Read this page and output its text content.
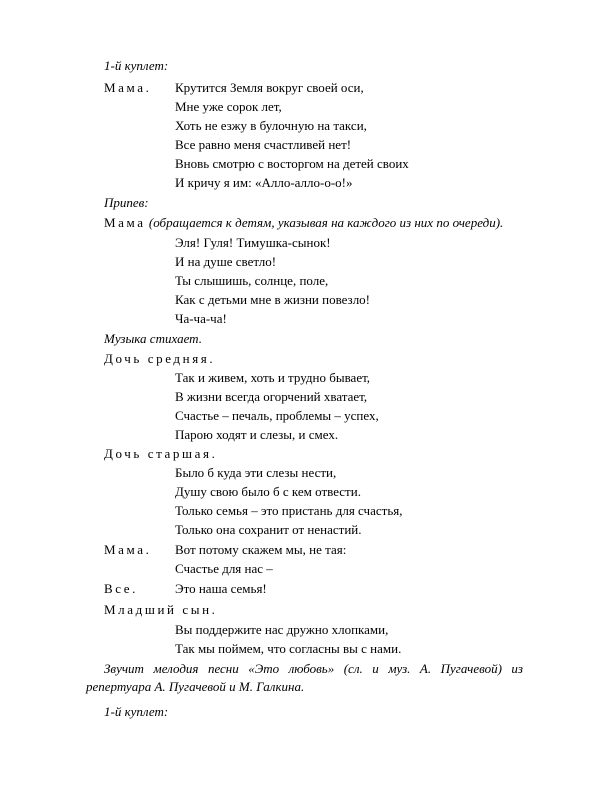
1-й куплет:
Мама. Крутится Земля вокруг своей оси,
Мне уже сорок лет,
Хоть не езжу в булочную на такси,
Все равно меня счастливей нет!
Вновь смотрю с восторгом на детей своих
И кричу я им: «Алло-алло-о-о!»
Припев:
Мама (обращается к детям, указывая на каждого из них по очереди).
Эля! Гуля! Тимушка-сынок!
И на душе светло!
Ты слышишь, солнце, поле,
Как с детьми мне в жизни повезло!
Ча-ча-ча!
Музыка стихает.
Дочь средняя.
Так и живем, хоть и трудно бывает,
В жизни всегда огорчений хватает,
Счастье – печаль, проблемы – успех,
Парою ходят и слезы, и смех.
Дочь старшая.
Было б куда эти слезы нести,
Душу свою было б с кем отвести.
Только семья – это пристань для счастья,
Только она сохранит от ненастий.
Мама. Вот потому скажем мы, не тая:
Счастье для нас –
Все.	Это наша семья!
Младший сын.
Вы поддержите нас дружно хлопками,
Так мы поймем, что согласны вы с нами.
Звучит мелодия песни «Это любовь» (сл. и муз. А. Пугачевой) из
репертуара А. Пугачевой и М. Галкина.
1-й куплет:
